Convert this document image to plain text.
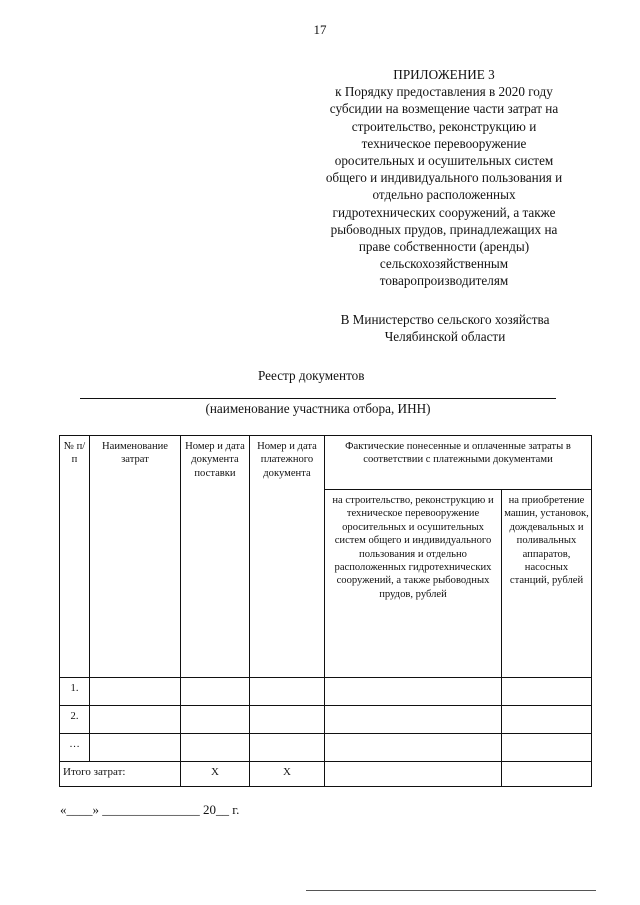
17
ПРИЛОЖЕНИЕ 3
к Порядку предоставления в 2020 году
субсидии на возмещение части затрат на
строительство, реконструкцию и
техническое перевооружение
оросительных и осушительных систем
общего и индивидуального пользования и
отдельно расположенных
гидротехнических сооружений, а также
рыбоводных прудов, принадлежащих на
праве собственности (аренды)
сельскохозяйственным
товаропроизводителям
В Министерство сельского хозяйства
Челябинской области
Реестр документов
(наименование участника отбора, ИНН)
№ п/п	Наименование затрат	Номер и дата документа поставки	Номер и дата платежного документа	Фактические понесенные и оплаченные затраты в соответствии с платежными документами	
				на строительство, реконструкцию и техническое перевооружение оросительных и осушительных систем общего и индивидуального пользования и отдельно расположенных гидротехнических сооружений, а также рыбоводных прудов, рублей	на приобретение машин, установок, дождевальных и поливальных аппаратов, насосных станций, рублей
1.					
2.					
…					
Итого затрат:		X	X		
«____» _______________ 20__ г.
